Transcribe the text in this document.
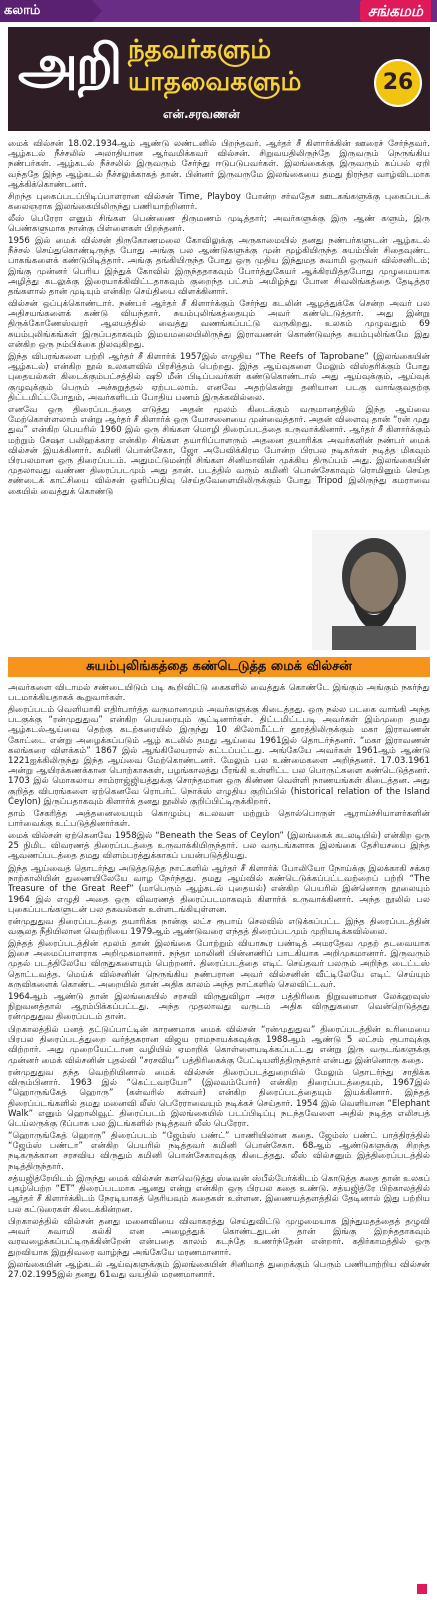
கலாம்	சங்கமம்
அறி ந்தவர்களும்
யாதவைகளும்	26
என்.சரவணன்

மைக் வில்சன் 18.02.1934ஆம் ஆண்டு லண்டனில் பிறந்தவர். ஆர்தர் சீ கிளார்க்கின் ஊரைச் சேர்ந்தவர். ஆழ்கடல் நீச்சலில் அலாதியான ஆர்வமிக்கவர் வில்சன். சிறுவயதிலிருந்தே இருவரும் நெருங்கிய நண்பர்கள். ஆழ்கடல் நீச்சலில் இருவரும் சேர்ந்து ஈடுபடுபவர்கள். இலங்கைக்கு இருவரும் கப்பல் ஏறி வந்ததே இந்த ஆழ்கடல் நீச்சலுக்காகத் தான். பின்னர் இருவருமே இலங்கையை தமது நிரந்தர வாழ்விடமாக ஆக்கிக்கொண்டனர்.

சிறந்த புகைப்படப்பிடிப்பாளரான வில்சன் Time, Playboy போன்ற சர்வதேச ஊடகங்களுக்கு புகைப்படக் கலைஞராக இலங்கையிலிருந்து பணியாற்றினார்.

லீஸ் பெரேரா எனும் சிங்கள பெண்ணை திருமணம் முடித்தார்; அவர்களுக்கு இரு ஆண் களும், இரு பெண்களுமாக நான்கு பிள்ளைகள் பிறந்தனர்.

1956 இல் மைக் வில்சன் திருகோணமலை கோவிலுக்கு அருகாமையில் தனது நண்பர்களுடன் ஆழ்கடல் நீச்சல் செய்துகொண்டிருந்த போது அங்கு பல ஆண்டுகளுக்கு முன் மூழ்கியிருந்த சுயம்பின் சிதைவுண்ட பாகங்களைக் கண்டுபிடித்தார். அங்கு தங்கியிருந்த போது ஒரு முதிய இந்துமத சுவாமி ஒருவர் வில்சனிடம்; இங்கு முன்னர் பெரிய இந்துக் கோவில் இருந்ததாகவும் போர்த்துகேயர் ஆக்கிரமித்தபோது முழுமையாக அழித்து கடலுக்கு இரையாக்கிவிட்டதாகவும் குறைந்த பட்சம் அமிழ்ந்து போன சிவலிங்கத்தை தேடித்தர தங்களால் தான் முடியும் என்கிற செய்தியை விளக்கினார்.

வில்சன் ஒப்புக்கொண்டார். நண்பர் ஆர்தர் சீ கிளார்க்கும் சேர்ந்து கடலின் ஆழத்துக்கே சென்ற அவர் பல அதிசயங்களைக் கண்டு வியந்தார். சுயம்புலிங்கத்தையும் அவர் கண்டெடுத்தார். அது இன்று திருக்கோணேஸ்வரர் ஆலயத்தில் வைத்து வணங்கப்பட்டு வருகிறது. உலகம் முழுவதும் 69 சுயம்புலிங்கங்கள் இருப்பதாகவும் இமயமலையிலிருந்து இராவணன் கொண்டுவந்த சுயம்புலிங்கமே இது என்கிற ஒரு நம்பிக்கை நிலவுகிறது.

இந்த விபரங்களை பற்றி ஆர்தர் சீ கிளார்க் 1957இல் எழுதிய “The Reefs of Taprobane” (இலங்கையின் ஆழ்கடல்) என்கிற நூல் உலகளவில் பிரசித்தம் பெற்றது. இந்த ஆய்வுகளை மேலும் விஸ்தரிக்கும் போது புதையல்கள் கிடைக்கும்பட்சத்தில் ஷூ மீன் பிடிப்பவர்கள் கண்டுகொண்டால் அது ஆய்வுக்கும், ஆய்வுக் குழுவுக்கும் பெரும் அச்சுறுத்தல் ஏற்படலாம். எனவே அதற்கென்று தனியான படகு வாங்குவதற்கு திட்டமிட்டபோதும், அவர்களிடம் போதிய பணம் இருக்கவில்லை.

எனவே ஒரு திரைப்படத்தை எடுத்து அதன் மூலம் கிடைக்கும் வருமானத்தில் இந்த ஆய்வை மேற்கொள்ளலாம் என்று ஆர்தர் சீ கிளார்க் ஒரு யோசனையை முன்வைத்தார். அதன் விளைவு தான் “ரன் முது துவ” என்கிற பெயரில் 1960 இல் ஒரு சிங்கள மொழி திரைப்படத்தை உருவாக்கினார். ஆர்தர் சீ கிளார்க்கும் மற்றும் சேஷா பலிஹக்கார என்கிற சிங்கள தயாரிப்பாளரும் அதனை தயாரிக்க அவர்களின் நண்பர் மைக் வில்சன் இயக்கினார். கமினி பொன்சேகா, ஜோ அபேவிக்கிரம போன்ற பிரபல நடிகர்கள் நடித்த மிகவும் பிரபலமான ஒரு திரைப்படம். அதுமட்டுமன்றி சிங்கள சினிமாவின் முக்கிய திருப்பம் அது. இலங்கையின் முதலாவது வண்ண திரைப்படமும் அது தான். படத்தில் வரும் கமினி பொன்சேகாவும் ரொமினும் செய்த சண்டைக் காட்சியை வில்சன் ஒளிப்பதிவு செய்தவேளையிலிருக்கும் போது Tripod இலிருந்து கமராவை கையில் வைத்துக் கொண்டு

சுயம்புலிங்கத்தை கண்டெடுத்த மைக் வில்சன்

அவர்களை விடாமல் சண்டையிடும் படி கூறிவிட்டு கைகளில் வைத்துக் கொண்டே இங்கும் அங்கும் நகர்ந்து படமாக்கியதாகக் கூறுவார்கள்.

திரைப்படம் வெளியாகி எதிர்பார்த்த வருமானமும் அவர்களுக்கு கிடைத்தது. ஒரு நல்ல படகை வாங்கி அந்த படகுக்கு “ரன்முதுதுவ” என்கிற பெயரையும் சூட்டினார்கள். திட்டமிட்டபடி அவர்கள் இம்முறை தமது ஆழ்கடல்ஆய்வை தெற்கு கடற்கரையில் இருந்து 10 கிலோமீட்டர் தூரத்திலிருக்கும் மகா இராவணன் கோட்டை என்று அழைக்கப்படும் ஆழ் கடலில் தமது ஆய்வை 1961இல் தொடர்ந்தனர். “மகா இராவணன் கலங்கரை விளக்கம்” 1867 இல் ஆங்கிலேயரால் கட்டப்பட்டது. அங்கேயே அவர்கள் 1961ஆம் ஆண்டு 1221ஐக்கிலிருந்து இந்த ஆய்வை மேற்கொண்டனர். மேலும் பல உண்மைகளை அறிந்தனர். 17.03.1961 அன்று ஆயிரக்கணக்கான பொற்காசுகள், பழங்காலத்து பீரங்கி உள்ளிட்ட பல பொருட்களை கண்டெடுத்தனர். 1703 இல் மொகலாய சாம்ராஜ்ஜியத்துக்கு சொந்தமான ஒரு கிண்ண வெள்ளி நாணயங்கள் கிடைத்தன. அது குறித்த விபரங்களை ஏற்கெனவே ரொபர்ட் நொக்ஸ் எழுதிய குறிப்பில் (historical relation of the Island Ceylon) இருப்பதாகவும் கிளார்க் தனது நூலில் குறிப்பிட்டிருக்கிறார்.

தாம் சேகரித்த அத்தனையையும் கொழும்பு கடலவள மற்றும் தொல்பொருள் ஆராய்ச்சியாளர்களின் பார்வைக்கு உட்படுத்தினார்கள்.

மைக் வில்சன் ஏற்கெனவே 1958இல் “Beneath the Seas of Ceylon” (இலங்கைக் கடலடியில்) என்கிற ஒரு 25 நிமிட விவரணத் திரைப்படத்தை உருவாக்கியிருந்தார். பல வருடங்களாக இலங்கை தேசியசபை இந்த ஆவணப்படத்தை தமது விளம்பரத்துக்காகப் பயன்படுத்தியது.

இந்த ஆய்வைத் தொடர்ந்து அடுத்தடுத்த நாட்களில் ஆர்தர் சீ கிளார்க் போலியோ நோய்க்கு இலக்காகி சக்கர நாற்காலியின் துணையிலேயே வாழ நேர்ந்தது. தமது ஆய்வில் கண்டெடுக்கப்பட்டவற்றைப் பற்றி “The Treasure of the Great Reef” (மாபெரும் ஆழ்கடல் புதையல்) என்கிற பெயரில் இன்னொரு நூலையும் 1964 இல் எழுதி அதை ஒரு விவரணத் திரைப்படமாகவும் கிளார்க் உருவாக்கினார். அந்த நூலில் பல புகைப்படங்களுடன் பல தகவல்கள் உள்ளடங்கியுள்ளன.

ரன்முதுதுவ திரைப்படத்தை தயாரிக்க நான்கு லட்ச ரூபாய் செலவில் எடுக்கப்பட்ட இந்த திரைப்படத்தின் வசூலத நீதியிலான வெற்றியை 1979ஆம் ஆண்டுவரை எந்தத் திரைப்படமும் முறியடிக்கவில்லை.

இந்தத் திரைப்படத்தின் மூலம் தான் இலங்கை போற்றும் வியாகூர பண்டித் அமரதேவ முதற் தடவையாக இசை அமைப்பாளராக அறிமுகமானார். நந்தா மாலினி பின்னணிப் பாடகியாக அறிமுகமானார். இருவரும் முதல் படத்திலேயே விருதுகளையும் பெற்றனர். திரைப்படத்தை எடிட் செய்தவர் பலரும் அறிந்த டைட்டஸ் தொட்டவத்த. மெய்க் வில்சனின் நெருங்கிய நண்பரான அவர் வில்சனின் வீட்டிலேயே எடிட் செய்யும் கருவிகளைக் கொண்ட அறையில் தான் அதிக காலம் அந்த நாட்களில் செலவிட்டவர்.

1964ஆம் ஆண்டு தான் இலங்கையில் சரசவி விருதுவிழா அரச பத்திரிகை நிறுவனமான லேக்ஹவுஸ் நிறுவனத்தால் ஆரம்பிக்கப்பட்டது. அந்த முதலாவது வருடம் அதிக விருதுகளை வென்றெடுத்தது ரன்முதுதுவ திரைப்படம் தான்.

பிறகாலத்தில் பனத் தட்டுப்பாட்டின் காரணமாக மைக் வில்சன் “ரன்முதுதுவ” திரைப்படத்தின் உரிமையை பிரபல திரைப்படத்துறை வர்த்தகரான விஜய ராமநாயக்கவுக்கு 1988ஆம் ஆண்டு 5 லட்சம் ரூபாவுக்கு விற்றார். அது முறையேட்டான வழியில் ஏமாறிக் கொள்ளையடிக்கப்பட்டது என்று இரு வருடங்களுக்கு முன்னர் மைக் வில்சனின் புதல்வி “சரசவிய” பத்திரிகைக்கு பேட்டியளித்திருந்தார் என்பது இன்னொரு கதை.

ரன்முதுதுவ தந்த வெற்றியினால் மைக் வில்சன் திரைப்படத்துறையில் மேலும் தொடர்ந்து சாதிக்க விரும்பினார். 1963 இல் “கெட்டவரயோ” (இலவம்போர்) என்கிற திரைப்படத்தையும், 1967இல் “ஹொருங்கேத் ஹொரு” (கள்வரில் கள்வர்) என்கிற திரைப்படத்தையும் இயக்கினார். இந்தத் திரைப்படங்களில் தமது மனைவி லீஸ் பெரேராவையும் நடிக்கச் செய்தார். 1954 இல் வெளியான “Elephant Walk” எனும் ஹொலிவூட் திரைப்படம் இலங்கையில் படப்பிடிப்பு நடந்தவேளை அதில் நடித்த எலிசபத் டெய்லருக்கு டூப்பாக பல இடங்களில் நடித்தவர் லீஸ் பெரேரா.

“ஹொருங்கேத் ஹொரு” திரைப்படம் “ஜேம்ஸ் பண்ட்” பாணியிலான கதை. ஜேம்ஸ் பண்ட் பாத்திரத்தில் “ஜேம்ஸ் பண்டா” என்கிற பெயரில் நடித்தவர் கமினி பொன்சேகா. 68ஆம் ஆண்டுகளுக்கு சிறந்த நடிகருக்கான சரசவிய விருதும் கமினி பொன்சேகாவுக்கு கிடைத்தது. லீஸ் வில்சனும் இத்திரைப்படத்தில் நடித்திருந்தார்.

சத்யஜித்ரேயிடம் இருந்து மைக் வில்சன் களவெடுத்து ஸ்டீவன் ஸ்பீல்பேர்க்கிடம் கொடுத்த கதை தான் உலகப் புகழ்பெற்ற “ET” திரைப்படமாக ஆனது என்று என்கிற ஒரு பிரபல கதை உண்டு. சத்யஜித்ரே பிற்காலத்தில் ஆர்தர் சீ கிளார்க்கிடம் நேரடியாகத் தெரியவும் கதைகள் உள்ளன. இணையத்தளத்தில் தேடினால் இது பற்றிய பல கட்டுரைகள் கிடைக்கின்றன.

பிறகாலத்தில் வில்சன் தனது மனைவியை விவாகரத்து செய்துவிட்டு முழுமையாக இந்துமதத்தைத் தழுவி அவர் சுவாமி கல்கி என அழைத்துக் கொண்டதுடன் தான் இங்கு இறந்ததாகவும் வரவழைக்கப்பட்டிருக்கின்றேன் என்பதை காலம் கடந்தே உணர்ந்தேன் என்றார். கதிர்காமத்தில் ஒரு துறவியாக இறுதிவரை வாழ்ந்து அங்கேயே மரணமானார்.

இலங்கையின் ஆழ்கடல் ஆய்வுகளுக்கும் இலங்கையின் சினிமாத் துறைக்கும் பெரும் பணியாற்றிய வில்சன் 27.02.1995இல் தனது 61வது வயதில் மரணமானார்.
